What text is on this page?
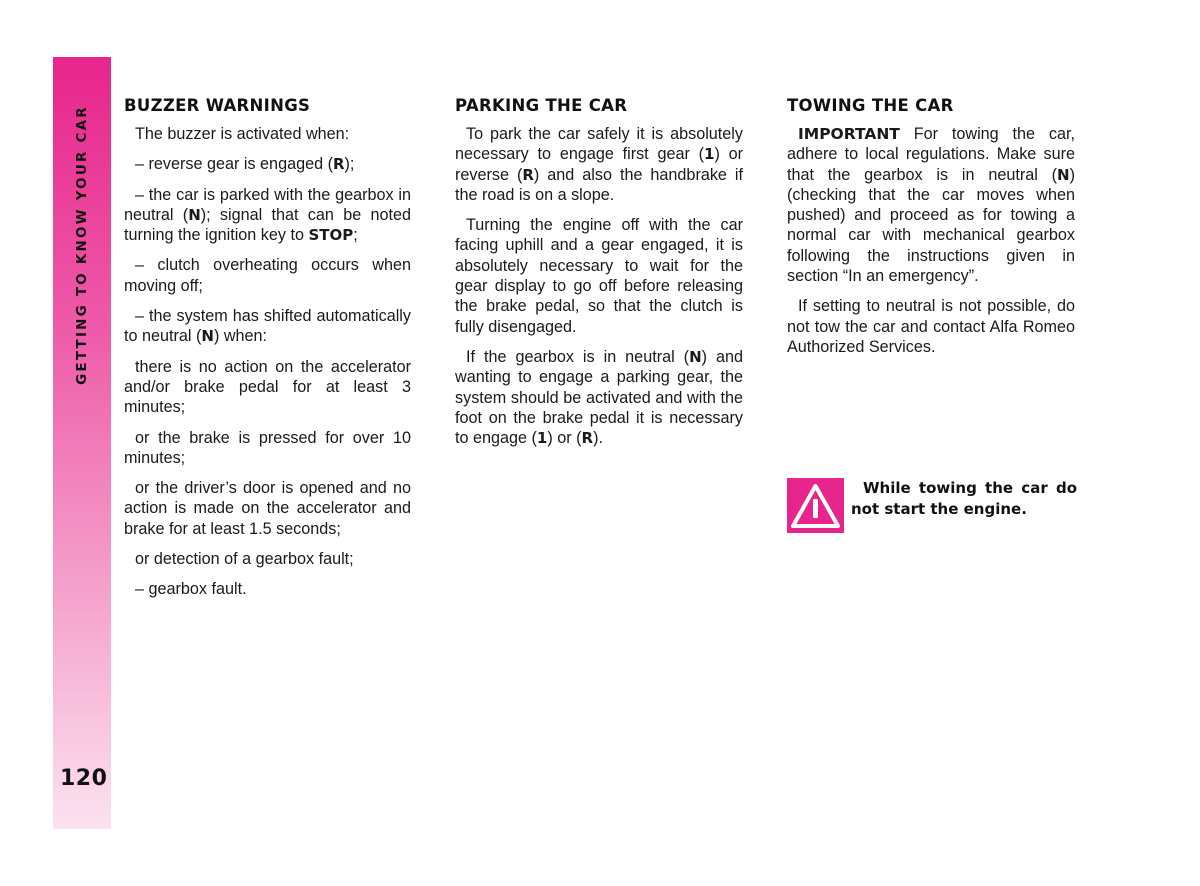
GETTING TO KNOW YOUR CAR
120
BUZZER WARNINGS

The buzzer is activated when:

– reverse gear is engaged (R);

– the car is parked with the gearbox in neutral (N); signal that can be noted turning the ignition key to STOP;

– clutch overheating occurs when moving off;

– the system has shifted automatically to neutral (N) when:

there is no action on the accelerator and/or brake pedal for at least 3 minutes;

or the brake is pressed for over 10 minutes;

or the driver’s door is opened and no action is made on the accelerator and brake for at least 1.5 seconds;

or detection of a gearbox fault;

– gearbox fault.

PARKING THE CAR

To park the car safely it is absolutely necessary to engage first gear (1) or reverse (R) and also the handbrake if the road is on a slope.

Turning the engine off with the car facing uphill and a gear engaged, it is absolutely necessary to wait for the gear display to go off before releasing the brake pedal, so that the clutch is fully disengaged.

If the gearbox is in neutral (N) and wanting to engage a parking gear, the system should be activated and with the foot on the brake pedal it is necessary to engage (1) or (R).

TOWING THE CAR

IMPORTANT For towing the car, adhere to local regulations. Make sure that the gearbox is in neutral (N) (checking that the car moves when pushed) and proceed as for towing a normal car with mechanical gearbox following the instructions given in section “In an emergency”.

If setting to neutral is not possible, do not tow the car and contact Alfa Romeo Authorized Services.

While towing the car do not start the engine.
